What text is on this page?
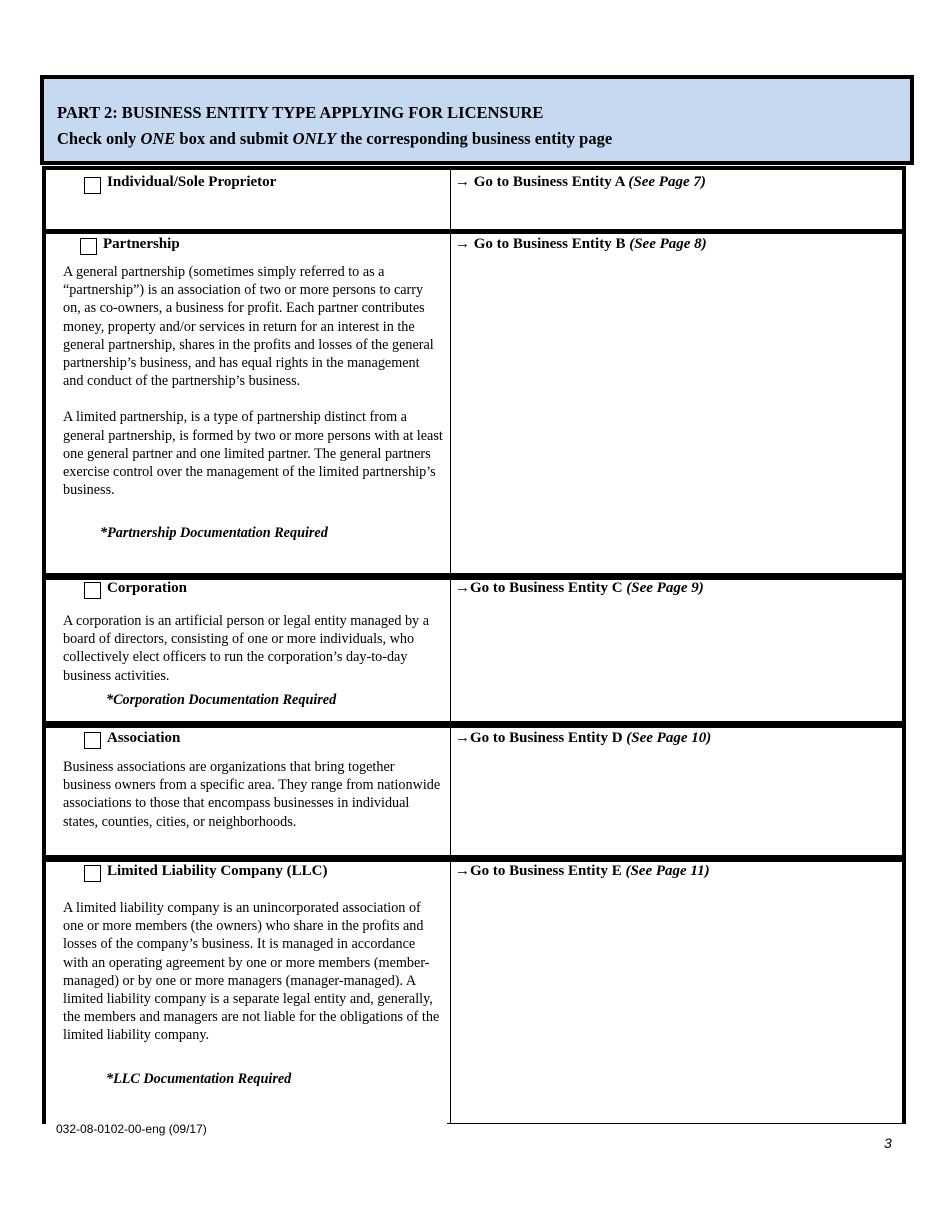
PART 2: BUSINESS ENTITY TYPE APPLYING FOR LICENSURE
Check only ONE box and submit ONLY the corresponding business entity page
Individual/Sole Proprietor	→ Go to Business Entity A (See Page 7)
Partnership

A general partnership (sometimes simply referred to as a “partnership”) is an association of two or more persons to carry on, as co-owners, a business for profit. Each partner contributes money, property and/or services in return for an interest in the general partnership, shares in the profits and losses of the general partnership’s business, and has equal rights in the management and conduct of the partnership’s business.

A limited partnership, is a type of partnership distinct from a general partnership, is formed by two or more persons with at least one general partner and one limited partner. The general partners exercise control over the management of the limited partnership’s business.

*Partnership Documentation Required
→ Go to Business Entity B (See Page 8)
Corporation

A corporation is an artificial person or legal entity managed by a board of directors, consisting of one or more individuals, who collectively elect officers to run the corporation’s day-to-day business activities.

*Corporation Documentation Required
→Go to Business Entity C (See Page 9)
Association

Business associations are organizations that bring together business owners from a specific area. They range from nationwide associations to those that encompass businesses in individual states, counties, cities, or neighborhoods.

→Go to Business Entity D (See Page 10)
Limited Liability Company (LLC)

A limited liability company is an unincorporated association of one or more members (the owners) who share in the profits and losses of the company’s business. It is managed in accordance with an operating agreement by one or more members (member-managed) or by one or more managers (manager-managed). A limited liability company is a separate legal entity and, generally, the members and managers are not liable for the obligations of the limited liability company.

*LLC Documentation Required
→Go to Business Entity E (See Page 11)
032-08-0102-00-eng (09/17)
3
